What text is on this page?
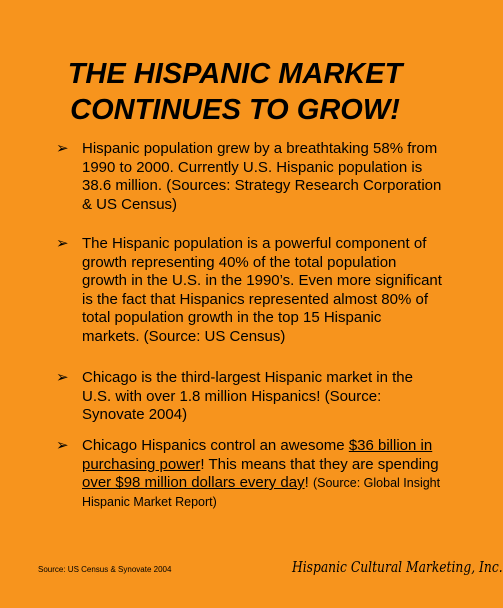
THE HISPANIC MARKET
CONTINUES TO GROW!
➢ Hispanic population grew by a breathtaking 58% from 1990 to 2000. Currently U.S. Hispanic population is 38.6 million. (Sources: Strategy Research Corporation & US Census)
➢ The Hispanic population is a powerful component of growth representing 40% of the total population growth in the U.S. in the 1990’s. Even more significant is the fact that Hispanics represented almost 80% of total population growth in the top 15 Hispanic markets. (Source: US Census)
➢ Chicago is the third-largest Hispanic market in the U.S. with over 1.8 million Hispanics! (Source: Synovate 2004)
➢ Chicago Hispanics control an awesome $36 billion in purchasing power! This means that they are spending over $98 million dollars every day! (Source: Global Insight Hispanic Market Report)
Source: US Census & Synovate 2004	Hispanic Cultural Marketing, Inc.
